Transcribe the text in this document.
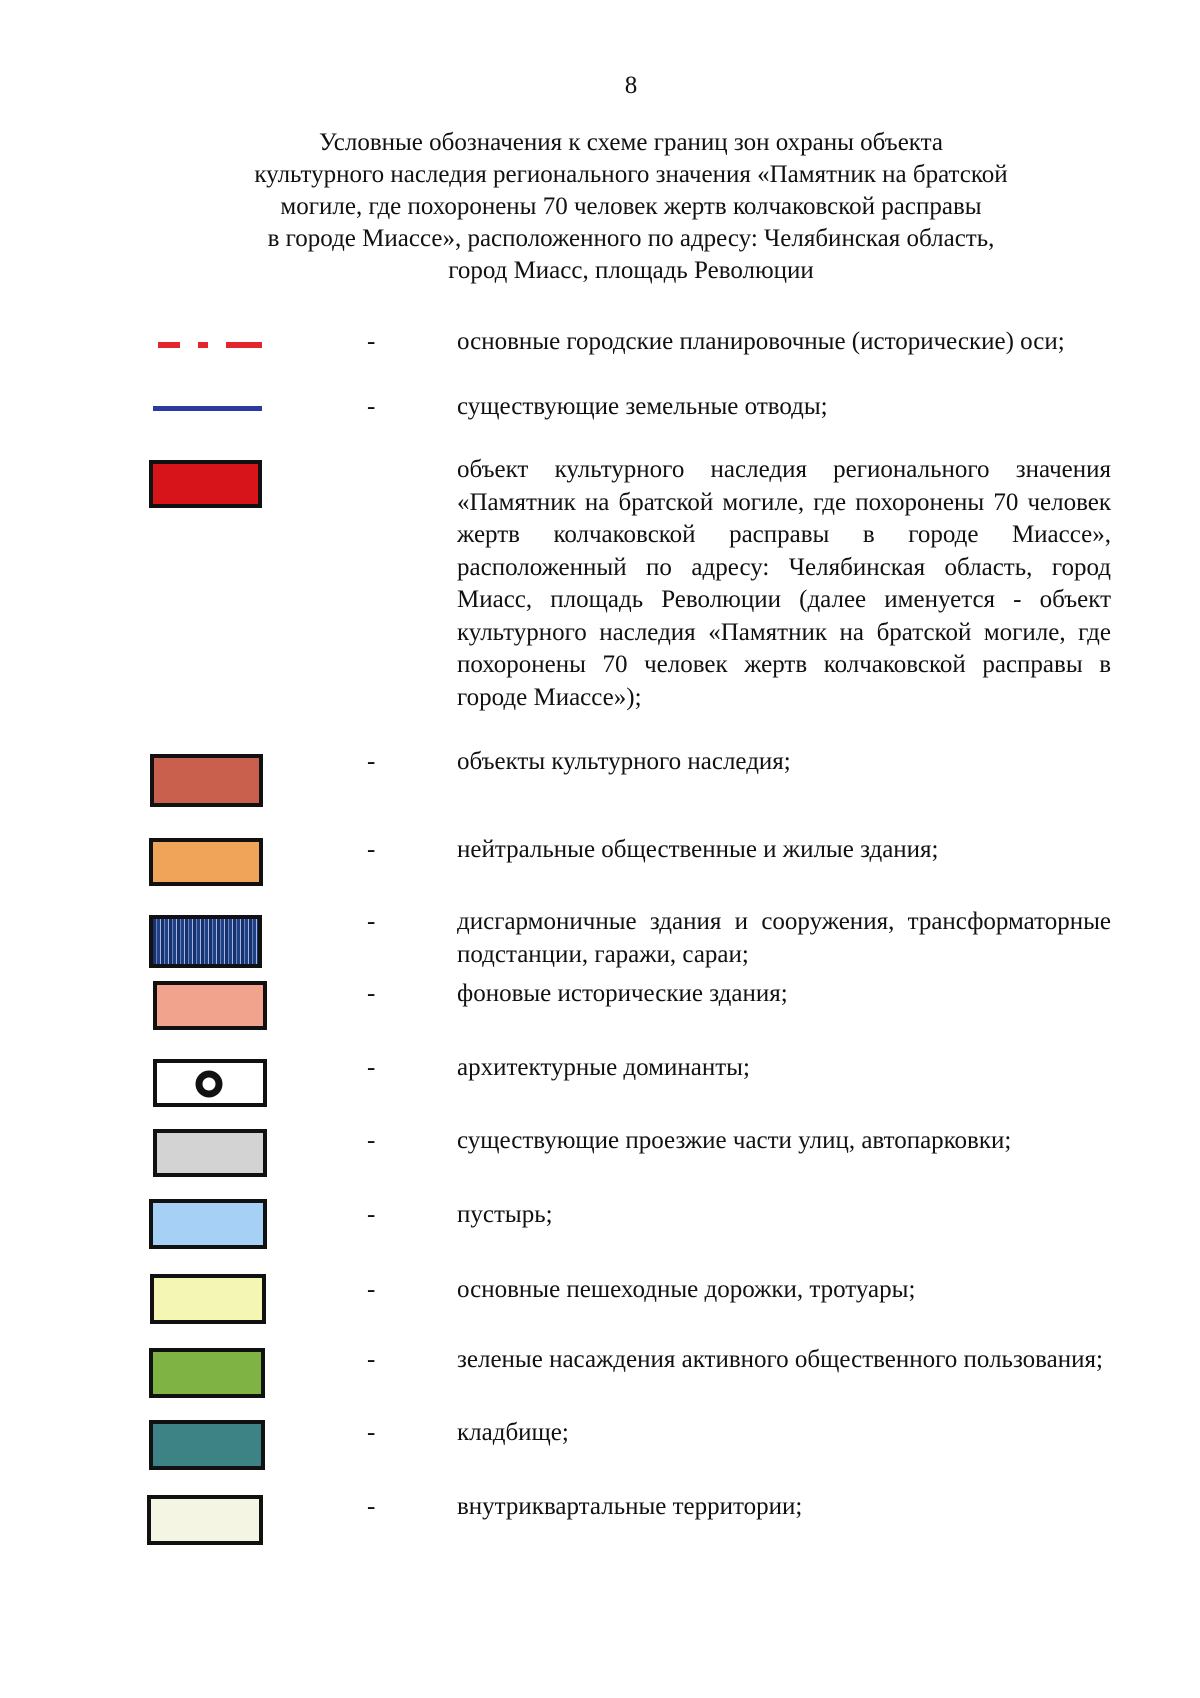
8
Условные обозначения к схеме границ зон охраны объекта
культурного наследия регионального значения «Памятник на братской
могиле, где похоронены 70 человек жертв колчаковской расправы
в городе Миассе», расположенного по адресу: Челябинская область,
город Миасс, площадь Революции
-	основные городские планировочные (исторические) оси;
-	существующие земельные отводы;
объект культурного наследия регионального значения «Памятник на братской могиле, где похоронены 70 человек жертв колчаковской расправы в городе Миассе», расположенный по адресу: Челябинская область, город Миасс, площадь Революции (далее именуется - объект культурного наследия «Памятник на братской могиле, где похоронены 70 человек жертв колчаковской расправы в городе Миассе»);
-	объекты культурного наследия;
-	нейтральные общественные и жилые здания;
-	дисгармоничные здания и сооружения, трансформаторные подстанции, гаражи, сараи;
-	фоновые исторические здания;
-	архитектурные доминанты;
-	существующие проезжие части улиц, автопарковки;
-	пустырь;
-	основные пешеходные дорожки, тротуары;
-	зеленые насаждения активного общественного пользования;
-	кладбище;
-	внутриквартальные территории;
